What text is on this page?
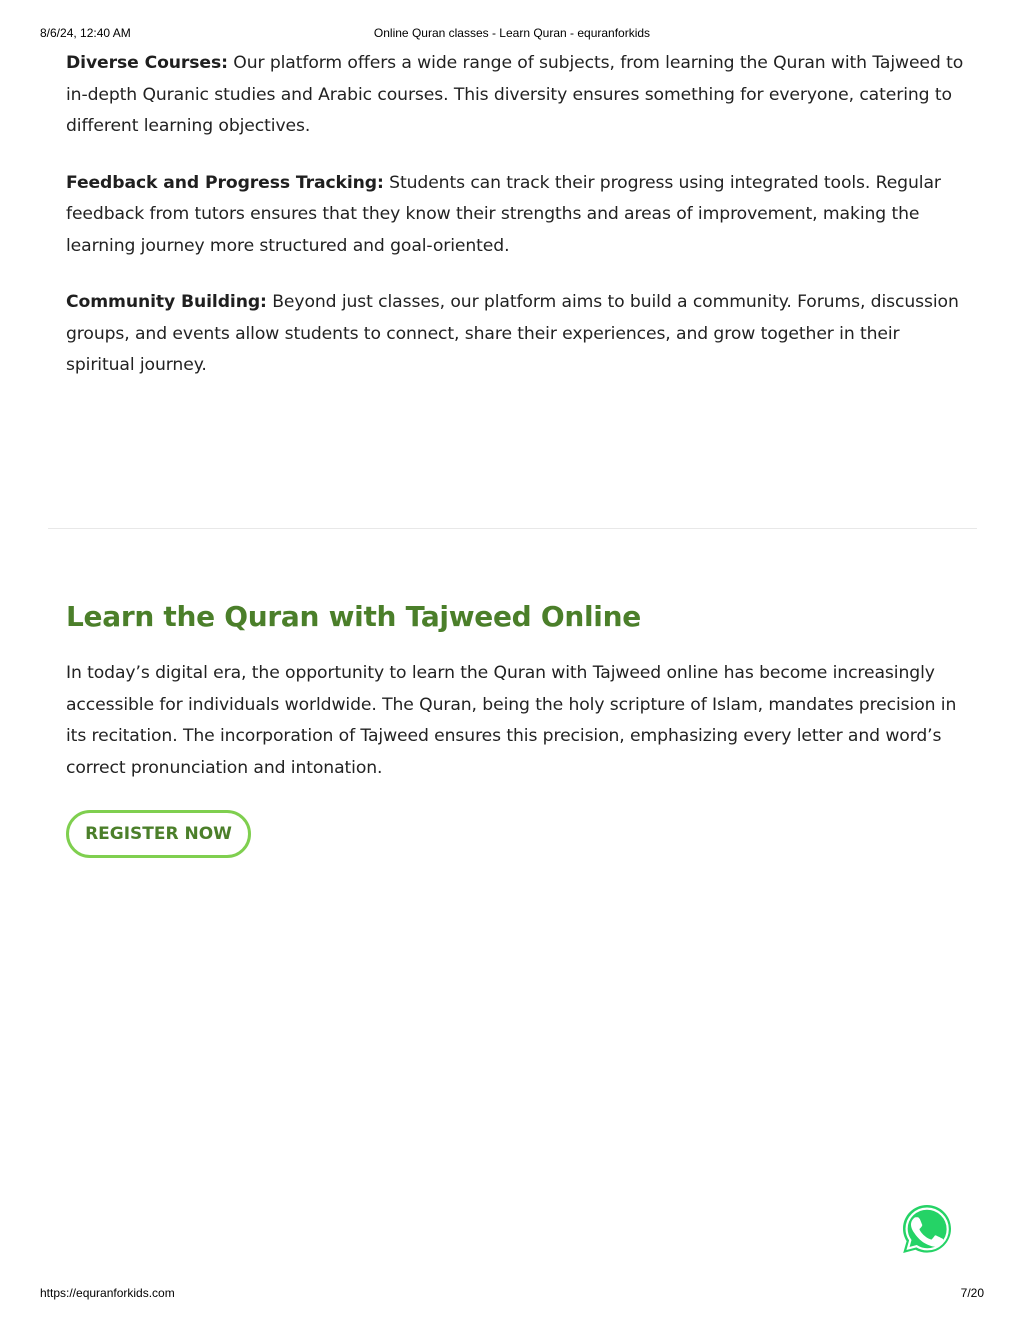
8/6/24, 12:40 AM	Online Quran classes - Learn Quran - equranforkids

Diverse Courses: Our platform offers a wide range of subjects, from learning the Quran with Tajweed to in-depth Quranic studies and Arabic courses. This diversity ensures something for everyone, catering to different learning objectives.

Feedback and Progress Tracking: Students can track their progress using integrated tools. Regular feedback from tutors ensures that they know their strengths and areas of improvement, making the learning journey more structured and goal-oriented.

Community Building: Beyond just classes, our platform aims to build a community. Forums, discussion groups, and events allow students to connect, share their experiences, and grow together in their spiritual journey.

Learn the Quran with Tajweed Online

In today’s digital era, the opportunity to learn the Quran with Tajweed online has become increasingly accessible for individuals worldwide. The Quran, being the holy scripture of Islam, mandates precision in its recitation. The incorporation of Tajweed ensures this precision, emphasizing every letter and word’s correct pronunciation and intonation.

REGISTER NOW
https://equranforkids.com	7/20
